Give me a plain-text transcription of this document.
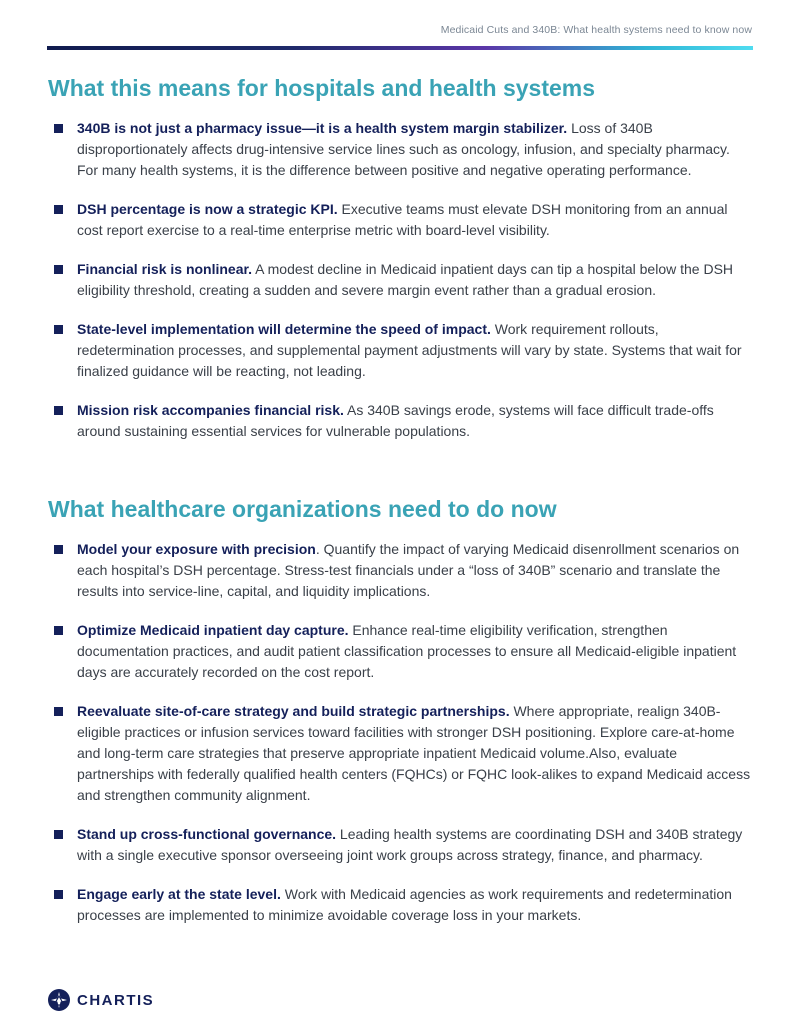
Medicaid Cuts and 340B: What health systems need to know now
What this means for hospitals and health systems
340B is not just a pharmacy issue—it is a health system margin stabilizer. Loss of 340B disproportionately affects drug-intensive service lines such as oncology, infusion, and specialty pharmacy. For many health systems, it is the difference between positive and negative operating performance.
DSH percentage is now a strategic KPI. Executive teams must elevate DSH monitoring from an annual cost report exercise to a real-time enterprise metric with board-level visibility.
Financial risk is nonlinear. A modest decline in Medicaid inpatient days can tip a hospital below the DSH eligibility threshold, creating a sudden and severe margin event rather than a gradual erosion.
State-level implementation will determine the speed of impact. Work requirement rollouts, redetermination processes, and supplemental payment adjustments will vary by state. Systems that wait for finalized guidance will be reacting, not leading.
Mission risk accompanies financial risk. As 340B savings erode, systems will face difficult trade-offs around sustaining essential services for vulnerable populations.
What healthcare organizations need to do now
Model your exposure with precision. Quantify the impact of varying Medicaid disenrollment scenarios on each hospital’s DSH percentage. Stress-test financials under a “loss of 340B” scenario and translate the results into service-line, capital, and liquidity implications.
Optimize Medicaid inpatient day capture. Enhance real-time eligibility verification, strengthen documentation practices, and audit patient classification processes to ensure all Medicaid-eligible inpatient days are accurately recorded on the cost report.
Reevaluate site-of-care strategy and build strategic partnerships. Where appropriate, realign 340B-eligible practices or infusion services toward facilities with stronger DSH positioning. Explore care-at-home and long-term care strategies that preserve appropriate inpatient Medicaid volume.Also, evaluate partnerships with federally qualified health centers (FQHCs) or FQHC look-alikes to expand Medicaid access and strengthen community alignment.
Stand up cross-functional governance. Leading health systems are coordinating DSH and 340B strategy with a single executive sponsor overseeing joint work groups across strategy, finance, and pharmacy.
Engage early at the state level. Work with Medicaid agencies as work requirements and redetermination processes are implemented to minimize avoidable coverage loss in your markets.
CHARTIS
